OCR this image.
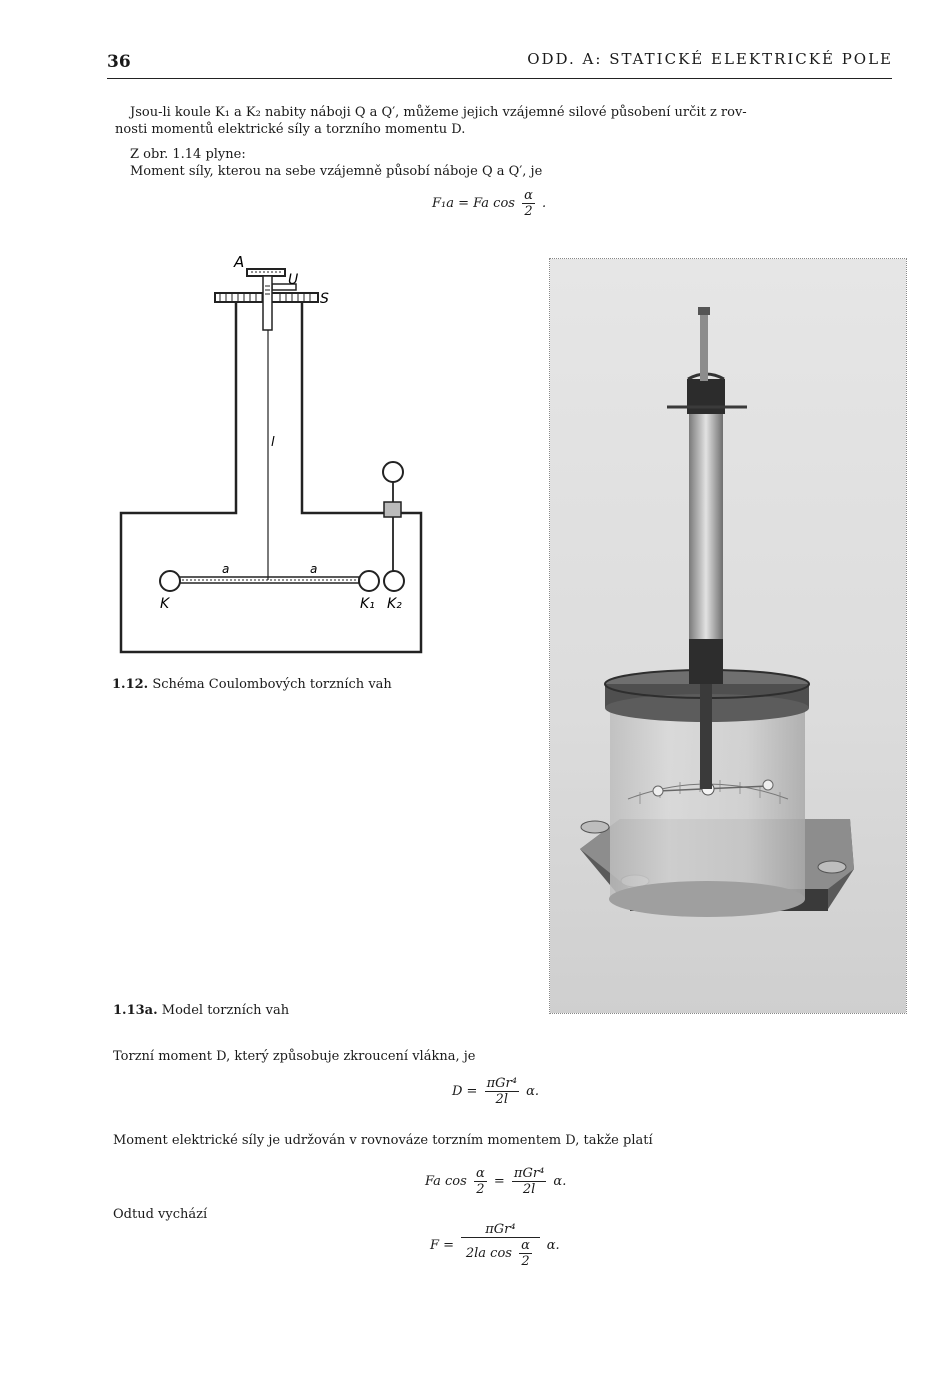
36	ODD. A: STATICKÉ ELEKTRICKÉ POLE
Jsou-li koule K₁ a K₂ nabity náboji Q a Q′, můžeme jejich vzájemné silové působení určit z rov-
nosti momentů elektrické síly a torzního momentu D.
Z obr. 1.14 plyne:
Moment síly, kterou na sebe vzájemně působí náboje Q a Q′, je
F₁a = Fa $\cos \frac{\alpha}{2}$ .
A
U
S
l
a	a
K	K₁ K₂
1.12. Schéma Coulombových torzních vah
1.13a. Model torzních vah
Torzní moment D, který způsobuje zkroucení vlákna, je
$D = \frac{\text{πGr⁴}}{2l} \alpha$.
Moment elektrické síly je udržován v rovnováze torzním momentem D, takže platí
Fa $\cos \frac{\alpha}{2} = \frac{\text{πGr⁴}}{2l} \alpha$.
Odtud vychází
$F = \frac{\text{πGr⁴}}{2la \cos \frac{\alpha}{2}} \alpha$.
